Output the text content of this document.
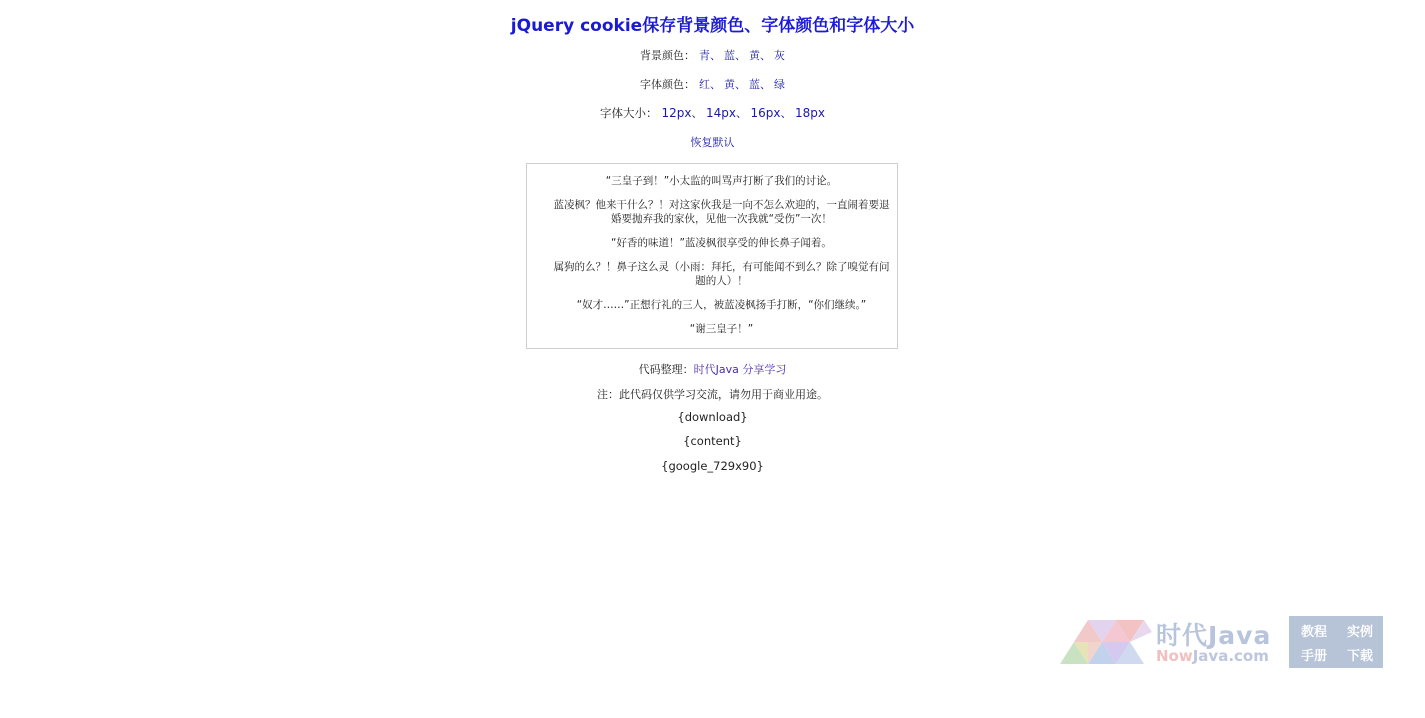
jQuery cookie保存背景颜色、字体颜色和字体大小
背景颜色： 青、 蓝、 黄、 灰
字体颜色： 红、 黄、 蓝、 绿
字体大小： 12px、 14px、 16px、 18px
恢复默认

“三皇子到！”小太监的叫骂声打断了我们的讨论。

蓝凌枫？他来干什么？！对这家伙我是一向不怎么欢迎的，一直闹着要退婚要抛弃我的家伙，见他一次我就“受伤”一次！

“好香的味道！”蓝凌枫很享受的伸长鼻子闻着。

属狗的么？！鼻子这么灵（小雨：拜托，有可能闻不到么？除了嗅觉有问题的人）！

“奴才……”正想行礼的三人，被蓝凌枫扬手打断，“你们继续。”

“谢三皇子！”

代码整理：时代Java 分享学习
注：此代码仅供学习交流，请勿用于商业用途。
{download}
{content}
{google_729x90}
时代Java
NowJava.com
教程 实例
手册 下载
